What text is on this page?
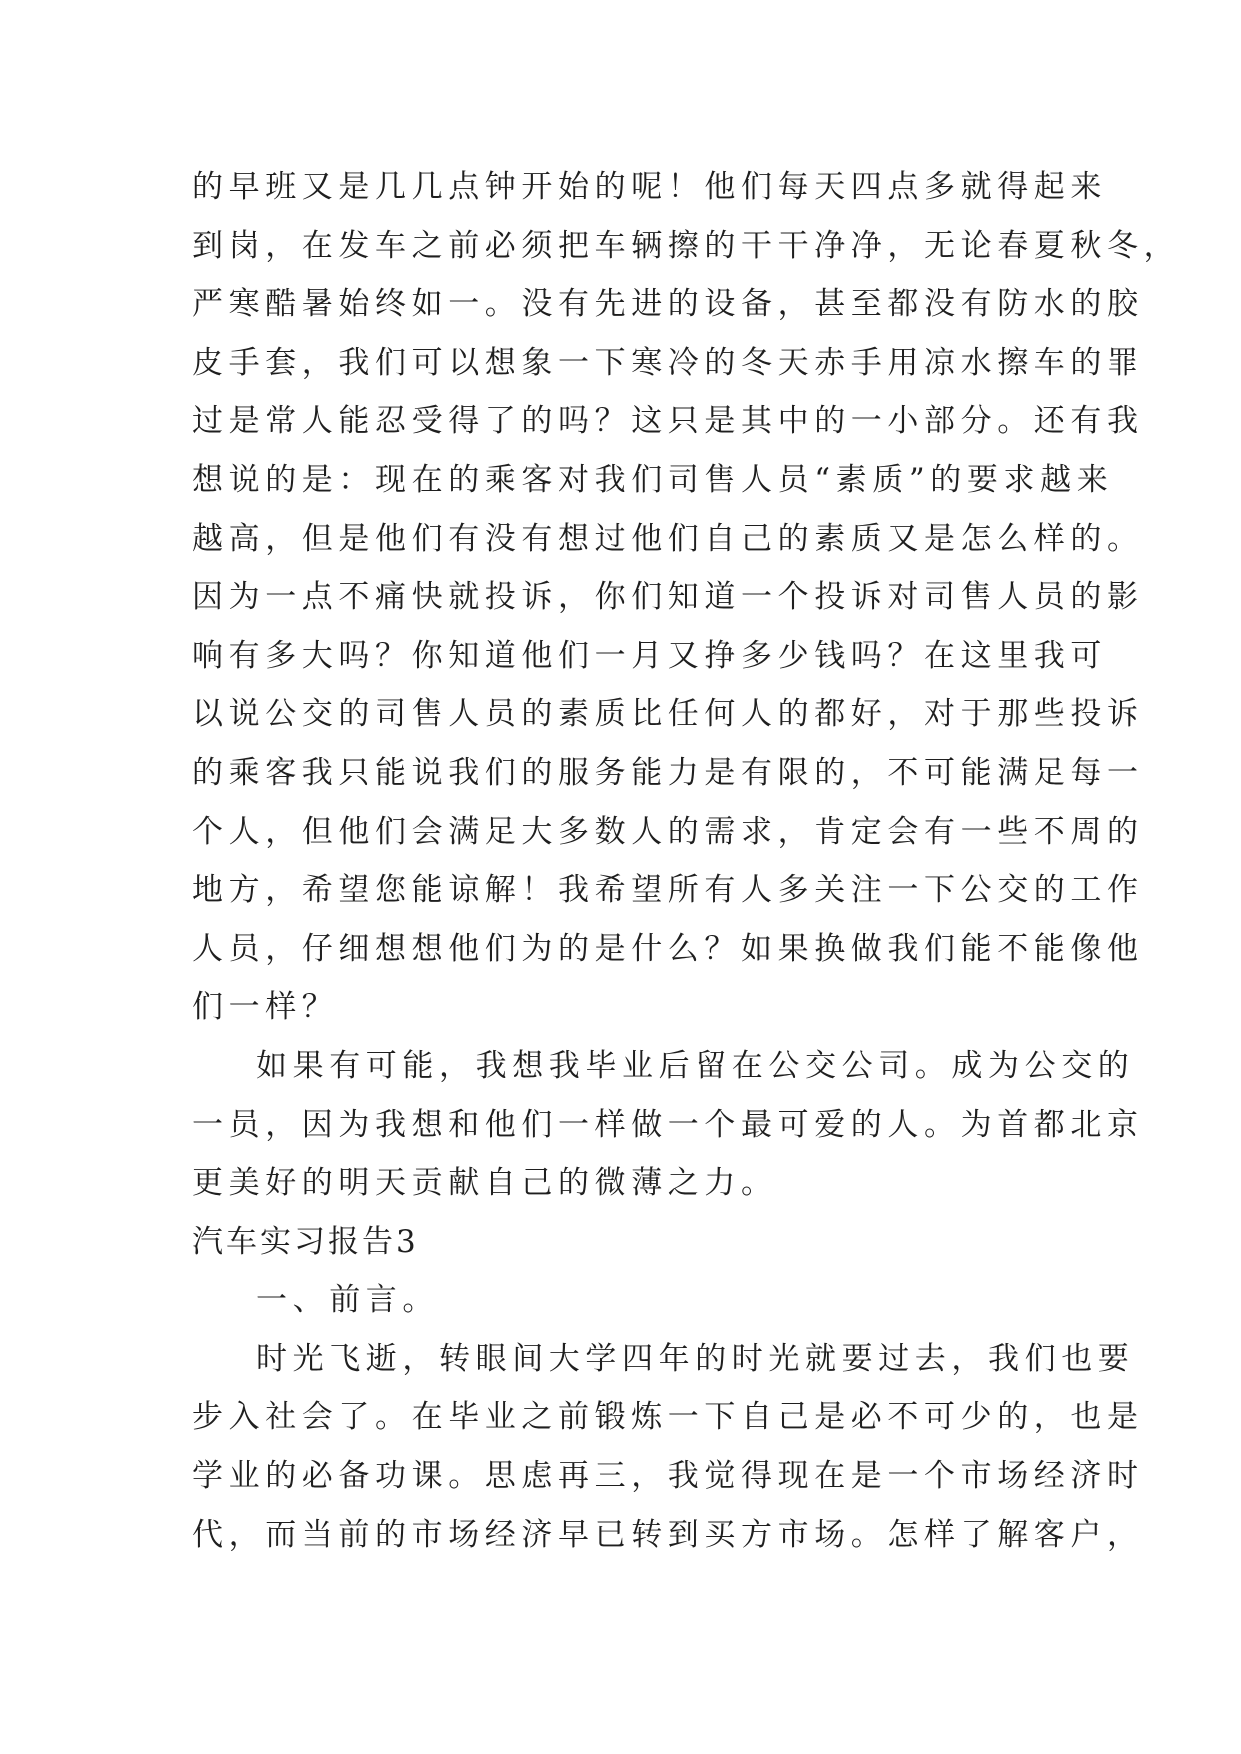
的早班又是几几点钟开始的呢！他们每天四点多就得起来
到岗，在发车之前必须把车辆擦的干干净净，无论春夏秋冬，
严寒酷暑始终如一。没有先进的设备，甚至都没有防水的胶
皮手套，我们可以想象一下寒冷的冬天赤手用凉水擦车的罪
过是常人能忍受得了的吗？这只是其中的一小部分。还有我
想说的是：现在的乘客对我们司售人员“素质”的要求越来
越高，但是他们有没有想过他们自己的素质又是怎么样的。
因为一点不痛快就投诉，你们知道一个投诉对司售人员的影
响有多大吗？你知道他们一月又挣多少钱吗？在这里我可
以说公交的司售人员的素质比任何人的都好，对于那些投诉
的乘客我只能说我们的服务能力是有限的，不可能满足每一
个人，但他们会满足大多数人的需求，肯定会有一些不周的
地方，希望您能谅解！我希望所有人多关注一下公交的工作
人员，仔细想想他们为的是什么？如果换做我们能不能像他
们一样？
如果有可能，我想我毕业后留在公交公司。成为公交的
一员，因为我想和他们一样做一个最可爱的人。为首都北京
更美好的明天贡献自己的微薄之力。
汽车实习报告3
一、前言。
时光飞逝，转眼间大学四年的时光就要过去，我们也要
步入社会了。在毕业之前锻炼一下自己是必不可少的，也是
学业的必备功课。思虑再三，我觉得现在是一个市场经济时
代，而当前的市场经济早已转到买方市场。怎样了解客户，
